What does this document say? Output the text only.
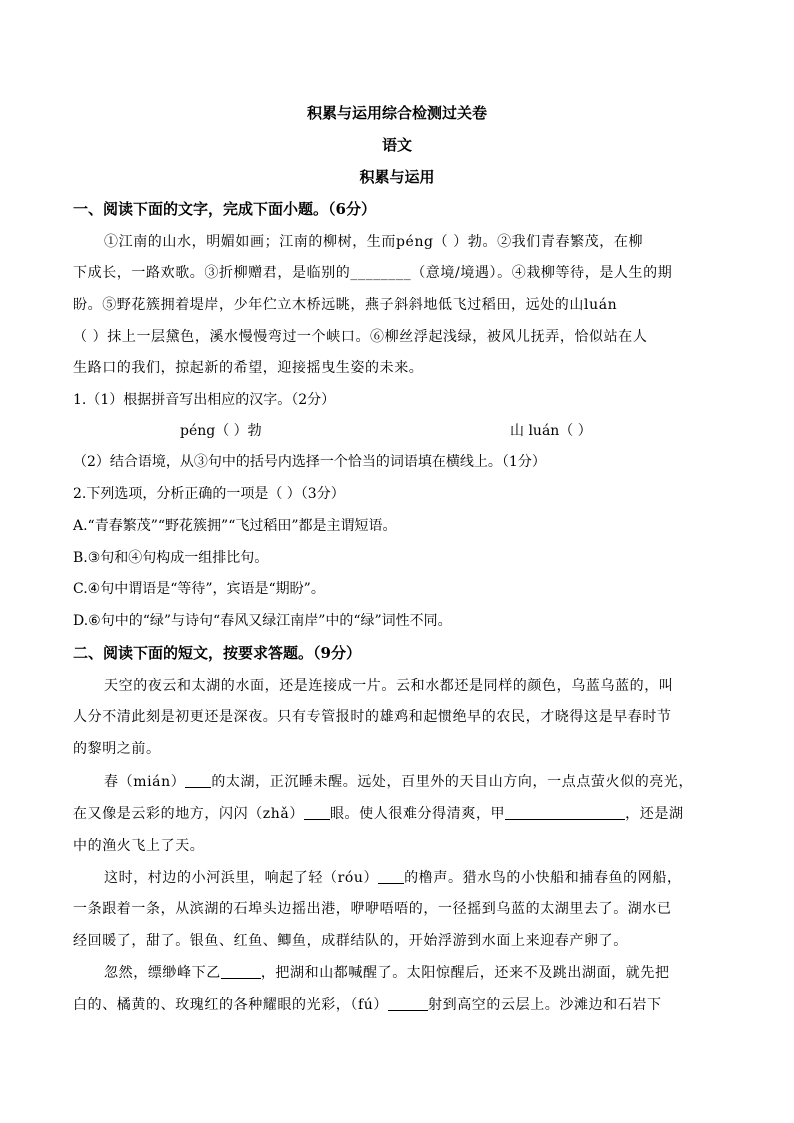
积累与运用综合检测过关卷
语文
积累与运用
一、阅读下面的文字，完成下面小题。（6分）
①江南的山水，明媚如画；江南的柳树，生而péng（ ）勃。②我们青春繁茂，在柳
下成长，一路欢歌。③折柳赠君，是临别的________（意境/境遇）。④栽柳等待，是人生的期
盼。⑤野花簇拥着堤岸，少年伫立木桥远眺，燕子斜斜地低飞过稻田，远处的山luán
（ ）抹上一层黛色，溪水慢慢弯过一个峡口。⑥柳丝浮起浅绿，被风儿抚弄，恰似站在人
生路口的我们，掠起新的希望，迎接摇曳生姿的未来。
1.（1）根据拼音写出相应的汉字。（2分）
péng（ ）勃	山 luán（ ）
（2）结合语境，从③句中的括号内选择一个恰当的词语填在横线上。（1分）
2.下列选项，分析正确的一项是（ ）（3分）
A.“青春繁茂”“野花簇拥”“飞过稻田”都是主谓短语。
B.③句和④句构成一组排比句。
C.④句中谓语是“等待”，宾语是“期盼”。
D.⑥句中的“绿”与诗句“春风又绿江南岸”中的“绿”词性不同。
二、阅读下面的短文，按要求答题。（9分）
天空的夜云和太湖的水面，还是连接成一片。云和水都还是同样的颜色，乌蓝乌蓝的，叫
人分不清此刻是初更还是深夜。只有专管报时的雄鸡和起惯绝早的农民，才晓得这是早春时节
的黎明之前。
春（mián） 的太湖，正沉睡未醒。远处，百里外的天目山方向，一点点萤火似的亮光，
在又像是云彩的地方，闪闪（zhǎ） 眼。使人很难分得清爽，甲	，还是湖
中的渔火飞上了天。
这时，村边的小河浜里，响起了轻（róu） 的橹声。猎水鸟的小快船和捕春鱼的网船，
一条跟着一条，从滨湖的石埠头边摇出港，咿咿唔唔的，一径摇到乌蓝的太湖里去了。湖水已
经回暖了，甜了。银鱼、红鱼、鲫鱼，成群结队的，开始浮游到水面上来迎春产卵了。
忽然，缥缈峰下乙	，把湖和山都喊醒了。太阳惊醒后，还来不及跳出湖面，就先把
白的、橘黄的、玫瑰红的各种耀眼的光彩，（fú）	射到高空的云层上。沙滩边和石岩下
